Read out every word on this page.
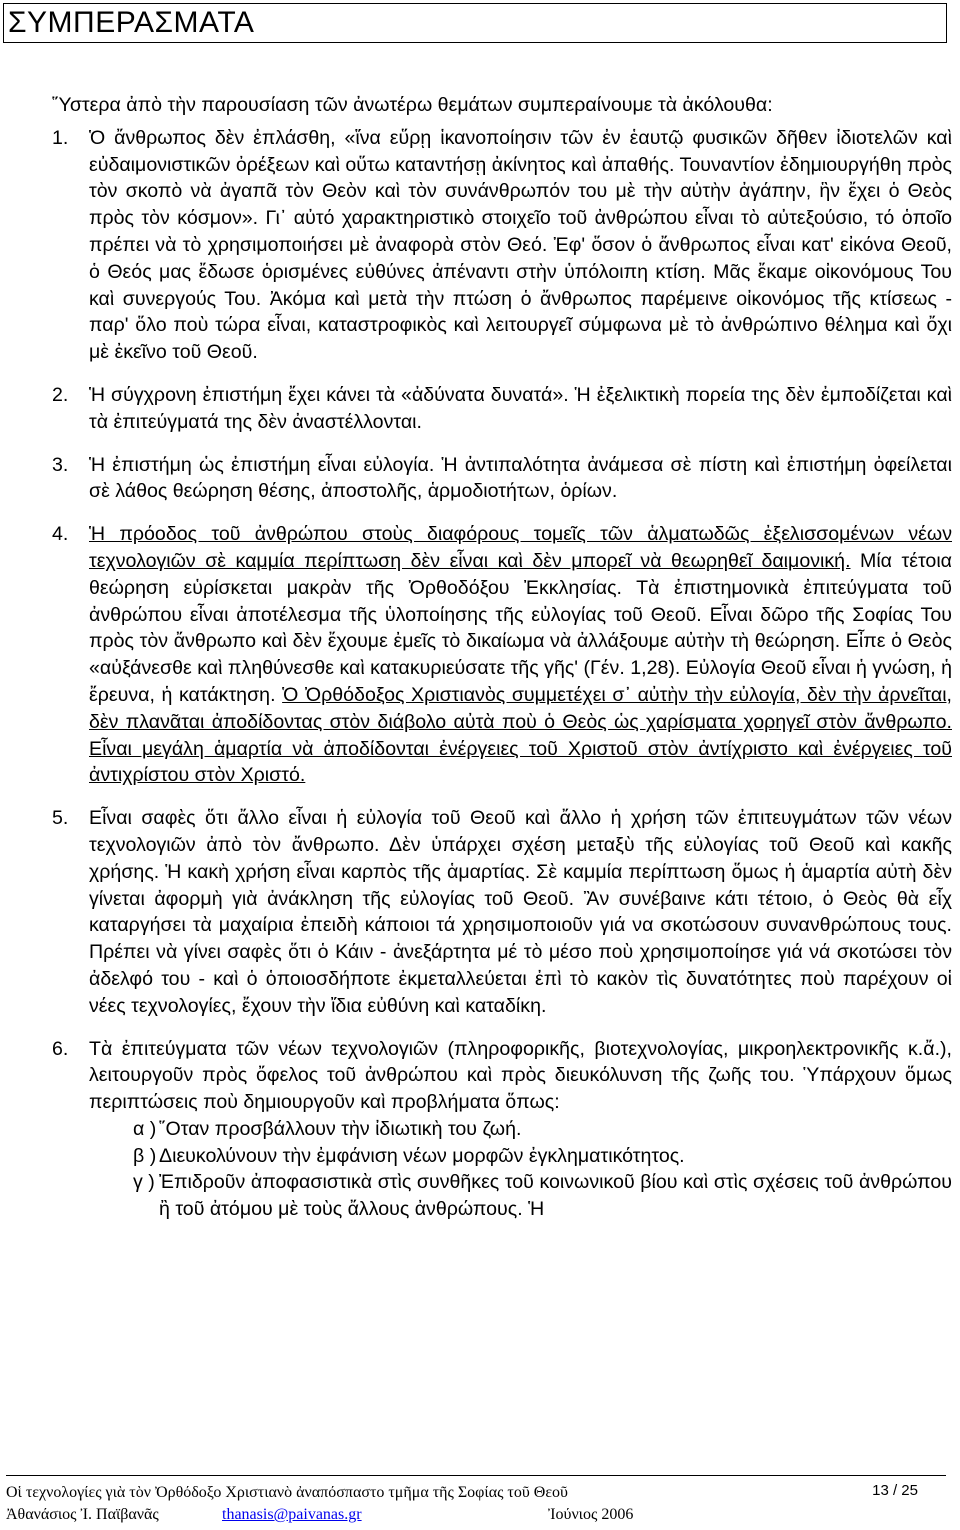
ΣΥΜΠΕΡΑΣΜΑΤΑ

῞Υστερα ἀπὸ τὴν παρουσίαση τῶν ἀνωτέρω θεμάτων συμπεραίνουμε τὰ ἀκόλουθα:

1. Ὁ ἄνθρωπος δὲν ἐπλάσθη, «ἵνα εὕρῃ ἱκανοποίησιν τῶν ἐν ἑαυτῷ φυσικῶν δῆθεν ἰδιοτελῶν καὶ εὐδαιμονιστικῶν ὀρέξεων καὶ οὕτω καταντήσῃ ἀκίνητος καὶ ἀπαθής. Τουναντίον ἐδημιουργήθη πρὸς τὸν σκοπὸ νὰ ἀγαπᾶ τὸν Θεὸν καὶ τὸν συνάνθρωπόν του μὲ τὴν αὐτὴν ἀγάπην, ἣν ἔχει ὁ Θεὸς πρὸς τὸν κόσμον». Γι᾽ αὐτό χαρακτηριστικὸ στοιχεῖο τοῦ ἀνθρώπου εἶναι τὸ αὐτεξούσιο, τό ὁποῖο πρέπει νὰ τὸ χρησιμοποιήσει μὲ ἀναφορὰ στὸν Θεό. Ἐφ' ὅσον ὁ ἄνθρωπος εἶναι κατ' εἰκόνα Θεοῦ, ὁ Θεός μας ἔδωσε ὁρισμένες εὐθύνες ἀπέναντι στὴν ὑπόλοιπη κτίση. Μᾶς ἔκαμε οἰκονόμους Του καὶ συνεργούς Του. Ἀκόμα καὶ μετὰ τὴν πτώση ὁ ἄνθρωπος παρέμεινε οἰκονόμος τῆς κτίσεως - παρ' ὅλο ποὺ τώρα εἶναι, καταστροφικὸς καὶ λειτουργεῖ σύμφωνα μὲ τὸ ἀνθρώπινο θέλημα καὶ ὄχι μὲ ἐκεῖνο τοῦ Θεοῦ.

2. Ἡ σύγχρονη ἐπιστήμη ἔχει κάνει τὰ «ἀδύνατα δυνατά». Ἡ ἐξελικτικὴ πορεία της δὲν ἐμποδίζεται καὶ τὰ ἐπιτεύγματά της δὲν ἀναστέλλονται.

3. Ἡ ἐπιστήμη ὡς ἐπιστήμη εἶναι εὐλογία. Ἡ ἀντιπαλότητα ἀνάμεσα σὲ πίστη καὶ ἐπιστήμη ὀφείλεται σὲ λάθος θεώρηση θέσης, ἀποστολῆς, ἁρμοδιοτήτων, ὁρίων.

4. Ἡ πρόοδος τοῦ ἀνθρώπου στοὺς διαφόρους τομεῖς τῶν ἁλματωδῶς ἐξελισσομένων νέων τεχνολογιῶν σὲ καμμία περίπτωση δὲν εἶναι καὶ δὲν μπορεῖ νὰ θεωρηθεῖ δαιμονική. Μία τέτοια θεώρηση εὑρίσκεται μακρὰν τῆς Ὀρθοδόξου Ἐκκλησίας. Τὰ ἐπιστημονικὰ ἐπιτεύγματα τοῦ ἀνθρώπου εἶναι ἀποτέλεσμα τῆς ὑλοποίησης τῆς εὐλογίας τοῦ Θεοῦ. Εἶναι δῶρο τῆς Σοφίας Του πρὸς τὸν ἄνθρωπο καὶ δὲν ἔχουμε ἐμεῖς τὸ δικαίωμα νὰ ἀλλάξουμε αὐτὴν τὴ θεώρηση. Εἶπε ὁ Θεὸς «αὐξάνεσθε καὶ πληθύνεσθε καὶ κατακυριεύσατε τῆς γῆς' (Γέν. 1,28). Εὐλογία Θεοῦ εἶναι ἡ γνώση, ἡ ἔρευνα, ἡ κατάκτηση. Ὁ Ὀρθόδοξος Χριστιανὸς συμμετέχει σ᾽ αὐτὴν τὴν εὐλογία, δὲν τὴν ἀρνεῖται, δὲν πλανᾶται ἀποδίδοντας στὸν διάβολο αὐτὰ ποὺ ὁ Θεὸς ὡς χαρίσματα χορηγεῖ στὸν ἄνθρωπο. Εἶναι μεγάλη ἁμαρτία νὰ ἀποδίδονται ἐνέργειες τοῦ Χριστοῦ στὸν ἀντίχριστο καὶ ἐνέργειες τοῦ ἀντιχρίστου στὸν Χριστό.

5. Εἶναι σαφὲς ὅτι ἄλλο εἶναι ἡ εὐλογία τοῦ Θεοῦ καὶ ἄλλο ἡ χρήση τῶν ἐπιτευγμάτων τῶν νέων τεχνολογιῶν ἀπὸ τὸν ἄνθρωπο. Δὲν ὑπάρχει σχέση μεταξὺ τῆς εὐλογίας τοῦ Θεοῦ καὶ κακῆς χρήσης. Ἡ κακὴ χρήση εἶναι καρπὸς τῆς ἁμαρτίας. Σὲ καμμία περίπτωση ὅμως ἡ ἁμαρτία αὐτὴ δὲν γίνεται ἀφορμὴ γιὰ ἀνάκληση τῆς εὐλογίας τοῦ Θεοῦ. Ἂν συνέβαινε κάτι τέτοιο, ὁ Θεὸς θὰ εἶχ καταργήσει τὰ μαχαίρια ἐπειδὴ κάποιοι τά χρησιμοποιοῦν γιά να σκοτώσουν συνανθρώπους τους. Πρέπει νὰ γίνει σαφὲς ὅτι ὁ Κάιν - ἀνεξάρτητα μέ τὸ μέσο ποὺ χρησιμοποίησε γιά νά σκοτώσει τὸν ἀδελφό του - καὶ ὁ ὁποιοσδήποτε ἐκμεταλλεύεται ἐπὶ τὸ κακὸν τὶς δυνατότητες ποὺ παρέχουν οἱ νέες τεχνολογίες, ἔχουν τὴν ἴδια εὐθύνη καὶ καταδίκη.

6. Τὰ ἐπιτεύγματα τῶν νέων τεχνολογιῶν (πληροφορικῆς, βιοτεχνολογίας, μικροηλεκτρονικῆς κ.ἄ.), λειτουργοῦν πρὸς ὄφελος τοῦ ἀνθρώπου καὶ πρὸς διευκόλυνση τῆς ζωῆς του. Ὑπάρχουν ὅμως περιπτώσεις ποὺ δημιουργοῦν καὶ προβλήματα ὅπως:

α ) ῞Οταν προσβάλλουν τὴν ἰδιωτικὴ του ζωή.
β ) Διευκολύνουν τὴν ἐμφάνιση νέων μορφῶν ἐγκληματικότητος.
γ ) Ἐπιδροῦν ἀποφασιστικὰ στὶς συνθῆκες τοῦ κοινωνικοῦ βίου καὶ στὶς σχέσεις τοῦ ἀνθρώπου ἢ τοῦ ἀτόμου μὲ τοὺς ἄλλους ἀνθρώπους. Ἡ
Οἱ τεχνολογίες γιὰ τὸν Ὀρθόδοξο Χριστιανὸ ἀναπόσπαστο τμῆμα τῆς Σοφίας τοῦ Θεοῦ
Ἀθανάσιος Ἰ. Παϊβανᾶς	thanasis@paivanas.gr	Ἰούνιος 2006
13 / 25
